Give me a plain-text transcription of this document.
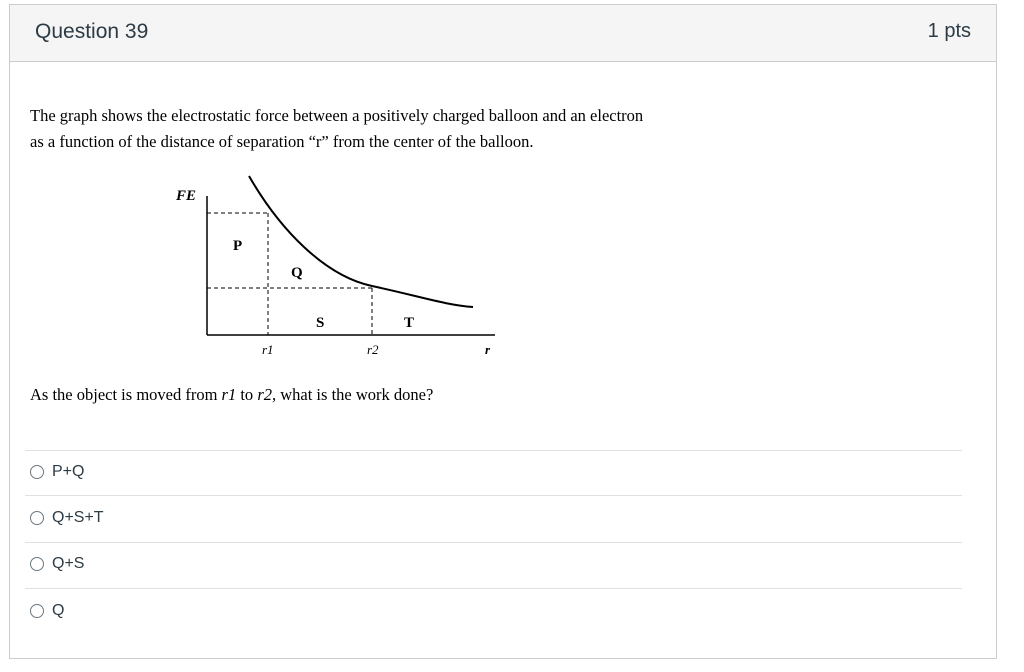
Question 39	1 pts
The graph shows the electrostatic force between a positively charged balloon and an electron
as a function of the distance of separation “r” from the center of the balloon.
FE
P
Q
S	T
r1	r2	r
As the object is moved from r1 to r2, what is the work done?
P+Q
Q+S+T
Q+S
Q
